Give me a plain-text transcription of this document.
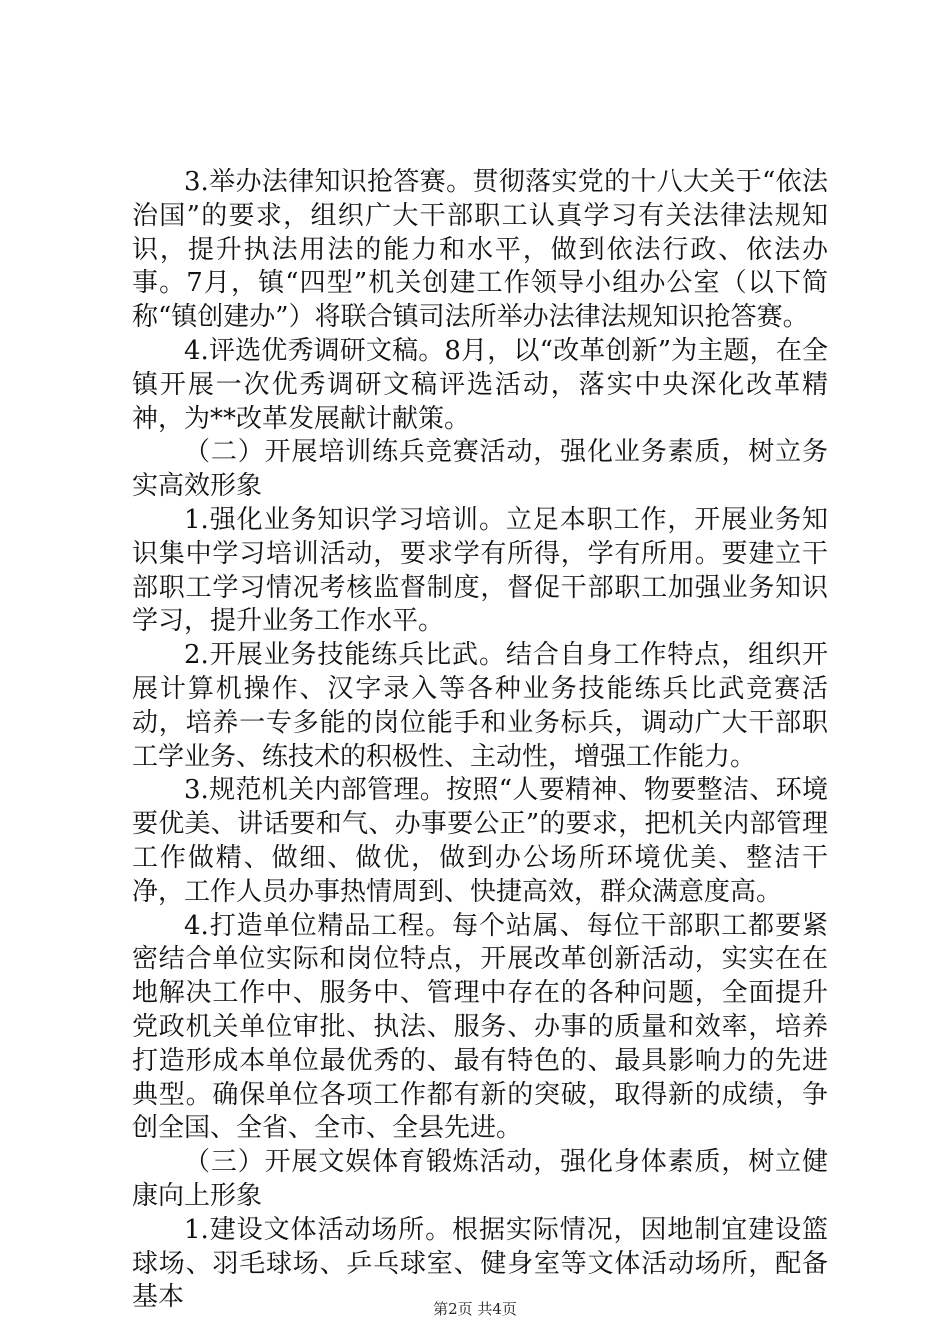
3.举办法律知识抢答赛。贯彻落实党的十八大关于“依法治国”的要求，组织广大干部职工认真学习有关法律法规知识，提升执法用法的能力和水平，做到依法行政、依法办事。7月，镇“四型”机关创建工作领导小组办公室（以下简称“镇创建办”）将联合镇司法所举办法律法规知识抢答赛。

4.评选优秀调研文稿。8月，以“改革创新”为主题，在全镇开展一次优秀调研文稿评选活动，落实中央深化改革精神，为**改革发展献计献策。

（二）开展培训练兵竞赛活动，强化业务素质，树立务实高效形象

1.强化业务知识学习培训。立足本职工作，开展业务知识集中学习培训活动，要求学有所得，学有所用。要建立干部职工学习情况考核监督制度，督促干部职工加强业务知识学习，提升业务工作水平。

2.开展业务技能练兵比武。结合自身工作特点，组织开展计算机操作、汉字录入等各种业务技能练兵比武竞赛活动，培养一专多能的岗位能手和业务标兵，调动广大干部职工学业务、练技术的积极性、主动性，增强工作能力。

3.规范机关内部管理。按照“人要精神、物要整洁、环境要优美、讲话要和气、办事要公正”的要求，把机关内部管理工作做精、做细、做优，做到办公场所环境优美、整洁干净，工作人员办事热情周到、快捷高效，群众满意度高。

4.打造单位精品工程。每个站属、每位干部职工都要紧密结合单位实际和岗位特点，开展改革创新活动，实实在在地解决工作中、服务中、管理中存在的各种问题，全面提升党政机关单位审批、执法、服务、办事的质量和效率，培养打造形成本单位最优秀的、最有特色的、最具影响力的先进典型。确保单位各项工作都有新的突破，取得新的成绩，争创全国、全省、全市、全县先进。

（三）开展文娱体育锻炼活动，强化身体素质，树立健康向上形象

1.建设文体活动场所。根据实际情况，因地制宜建设篮球场、羽毛球场、乒乓球室、健身室等文体活动场所，配备基本	第2页 共4页
